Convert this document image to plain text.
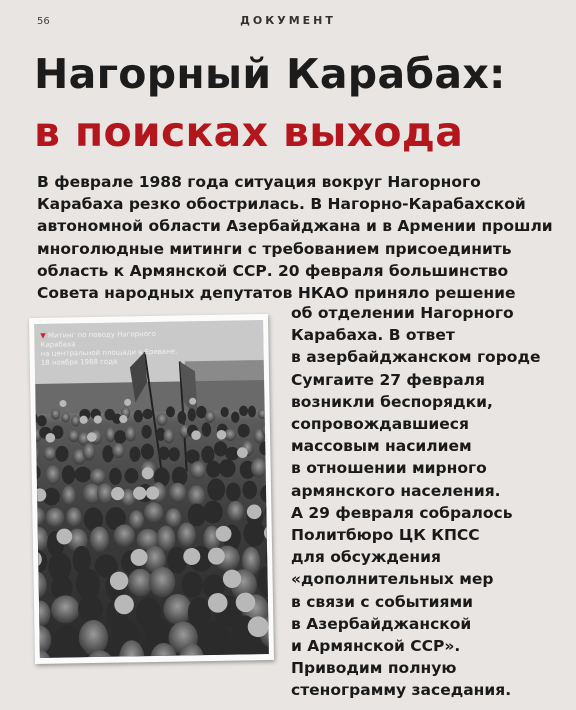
56	ДОКУМЕНТ
Нагорный Карабах:
в поисках выхода
В феврале 1988 года ситуация вокруг Нагорного
Карабаха резко обострилась. В Нагорно-Карабахской
автономной области Азербайджана и в Армении прошли
многолюдные митинги с требованием присоединить
область к Армянской ССР. 20 февраля большинство
Совета народных депутатов НКАО приняло решение
об отделении Нагорного
Карабаха. В ответ
в азербайджанском городе
Сумгаите 27 февраля
возникли беспорядки,
сопровождавшиеся
массовым насилием
в отношении мирного
армянского населения.
А 29 февраля собралось
Политбюро ЦК КПСС
для обсуждения
«дополнительных мер
в связи с событиями
в Азербайджанской
и Армянской ССР».
Приводим полную
стенограмму заседания.
▼ Митинг по поводу Нагорного Карабаха
на центральной площади в Ереване.
18 ноября 1988 года
